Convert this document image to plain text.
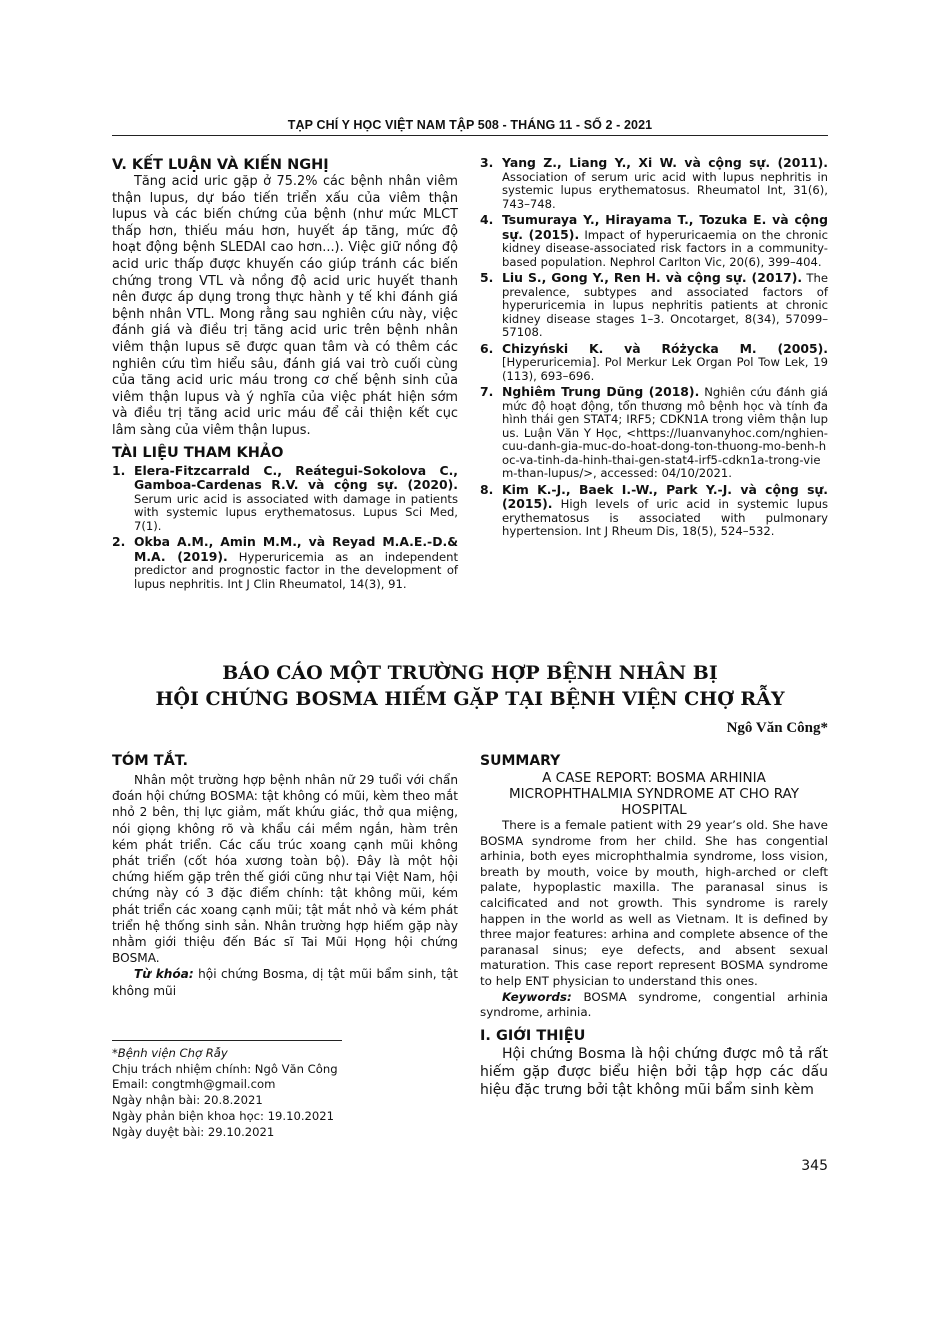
TẠP CHÍ Y HỌC VIỆT NAM TẬP 508 - THÁNG 11 - SỐ 2 - 2021
V. KẾT LUẬN VÀ KIẾN NGHỊ

Tăng acid uric gặp ở 75.2% các bệnh nhân viêm thận lupus, dự báo tiến triển xấu của viêm thận lupus và các biến chứng của bệnh (như mức MLCT thấp hơn, thiếu máu hơn, huyết áp tăng, mức độ hoạt động bệnh SLEDAI cao hơn...). Việc giữ nồng độ acid uric thấp được khuyến cáo giúp tránh các biến chứng trong VTL và nồng độ acid uric huyết thanh nên được áp dụng trong thực hành y tế khi đánh giá bệnh nhân VTL. Mong rằng sau nghiên cứu này, việc đánh giá và điều trị tăng acid uric trên bệnh nhân viêm thận lupus sẽ được quan tâm và có thêm các nghiên cứu tìm hiểu sâu, đánh giá vai trò cuối cùng của tăng acid uric máu trong cơ chế bệnh sinh của viêm thận lupus và ý nghĩa của việc phát hiện sớm và điều trị tăng acid uric máu để cải thiện kết cục lâm sàng của viêm thận lupus.

TÀI LIỆU THAM KHẢO
1. Elera-Fitzcarrald C., Reátegui-Sokolova C., Gamboa-Cardenas R.V. và cộng sự. (2020). Serum uric acid is associated with damage in patients with systemic lupus erythematosus. Lupus Sci Med, 7(1).
2. Okba A.M., Amin M.M., và Reyad M.A.E.-D.& M.A. (2019). Hyperuricemia as an independent predictor and prognostic factor in the development of lupus nephritis. Int J Clin Rheumatol, 14(3), 91.
3. Yang Z., Liang Y., Xi W. và cộng sự. (2011). Association of serum uric acid with lupus nephritis in systemic lupus erythematosus. Rheumatol Int, 31(6), 743–748.
4. Tsumuraya Y., Hirayama T., Tozuka E. và cộng sự. (2015). Impact of hyperuricaemia on the chronic kidney disease-associated risk factors in a community-based population. Nephrol Carlton Vic, 20(6), 399–404.
5. Liu S., Gong Y., Ren H. và cộng sự. (2017). The prevalence, subtypes and associated factors of hyperuricemia in lupus nephritis patients at chronic kidney disease stages 1–3. Oncotarget, 8(34), 57099–57108.
6. Chizyński K. và Różycka M. (2005). [Hyperuricemia]. Pol Merkur Lek Organ Pol Tow Lek, 19 (113), 693–696.
7. Nghiêm Trung Dũng (2018). Nghiên cứu đánh giá mức độ hoạt động, tổn thương mô bệnh học và tính đa hình thái gen STAT4; IRF5; CDKN1A trong viêm thận lupus. Luận Văn Y Học, <https://luanvanyhoc.com/nghien-cuu-danh-gia-muc-do-hoat-dong-ton-thuong-mo-benh-hoc-va-tinh-da-hinh-thai-gen-stat4-irf5-cdkn1a-trong-viem-than-lupus/>, accessed: 04/10/2021.
8. Kim K.-J., Baek I.-W., Park Y.-J. và cộng sự. (2015). High levels of uric acid in systemic lupus erythematosus is associated with pulmonary hypertension. Int J Rheum Dis, 18(5), 524–532.
BÁO CÁO MỘT TRƯỜNG HỢP BỆNH NHÂN BỊ
HỘI CHỨNG BOSMA HIẾM GẶP TẠI BỆNH VIỆN CHỢ RẪY
Ngô Văn Công*
TÓM TẮT.

Nhân một trường hợp bệnh nhân nữ 29 tuổi với chẩn đoán hội chứng BOSMA: tật không có mũi, kèm theo mắt nhỏ 2 bên, thị lực giảm, mất khứu giác, thở qua miệng, nói giọng không rõ và khẩu cái mềm ngắn, hàm trên kém phát triển. Các cấu trúc xoang cạnh mũi không phát triển (cốt hóa xương toàn bộ). Đây là một hội chứng hiếm gặp trên thế giới cũng như tại Việt Nam, hội chứng này có 3 đặc điểm chính: tật không mũi, kém phát triển các xoang cạnh mũi; tật mắt nhỏ và kém phát triển hệ thống sinh sản. Nhân trường hợp hiếm gặp này nhằm giới thiệu đến Bác sĩ Tai Mũi Họng hội chứng BOSMA.

Từ khóa: hội chứng Bosma, dị tật mũi bẩm sinh, tật không mũi

*Bệnh viện Chợ Rẫy
Chịu trách nhiệm chính: Ngô Văn Công
Email: congtmh@gmail.com
Ngày nhận bài: 20.8.2021
Ngày phản biện khoa học: 19.10.2021
Ngày duyệt bài: 29.10.2021
SUMMARY
A CASE REPORT: BOSMA ARHINIA MICROPHTHALMIA SYNDROME AT CHO RAY HOSPITAL

There is a female patient with 29 year’s old. She have BOSMA syndrome from her child. She has congential arhinia, both eyes microphthalmia syndrome, loss vision, breath by mouth, voice by mouth, high-arched or cleft palate, hypoplastic maxilla. The paranasal sinus is calcificated and not growth. This syndrome is rarely happen in the world as well as Vietnam. It is defined by three major features: arhina and complete absence of the paranasal sinus; eye defects, and absent sexual maturation. This case report represent BOSMA syndrome to help ENT physician to understand this ones.

Keywords: BOSMA syndrome, congential arhinia syndrome, arhinia.

I. GIỚI THIỆU

Hội chứng Bosma là hội chứng được mô tả rất hiếm gặp được biểu hiện bởi tập hợp các dấu hiệu đặc trưng bởi tật không mũi bẩm sinh kèm

345
